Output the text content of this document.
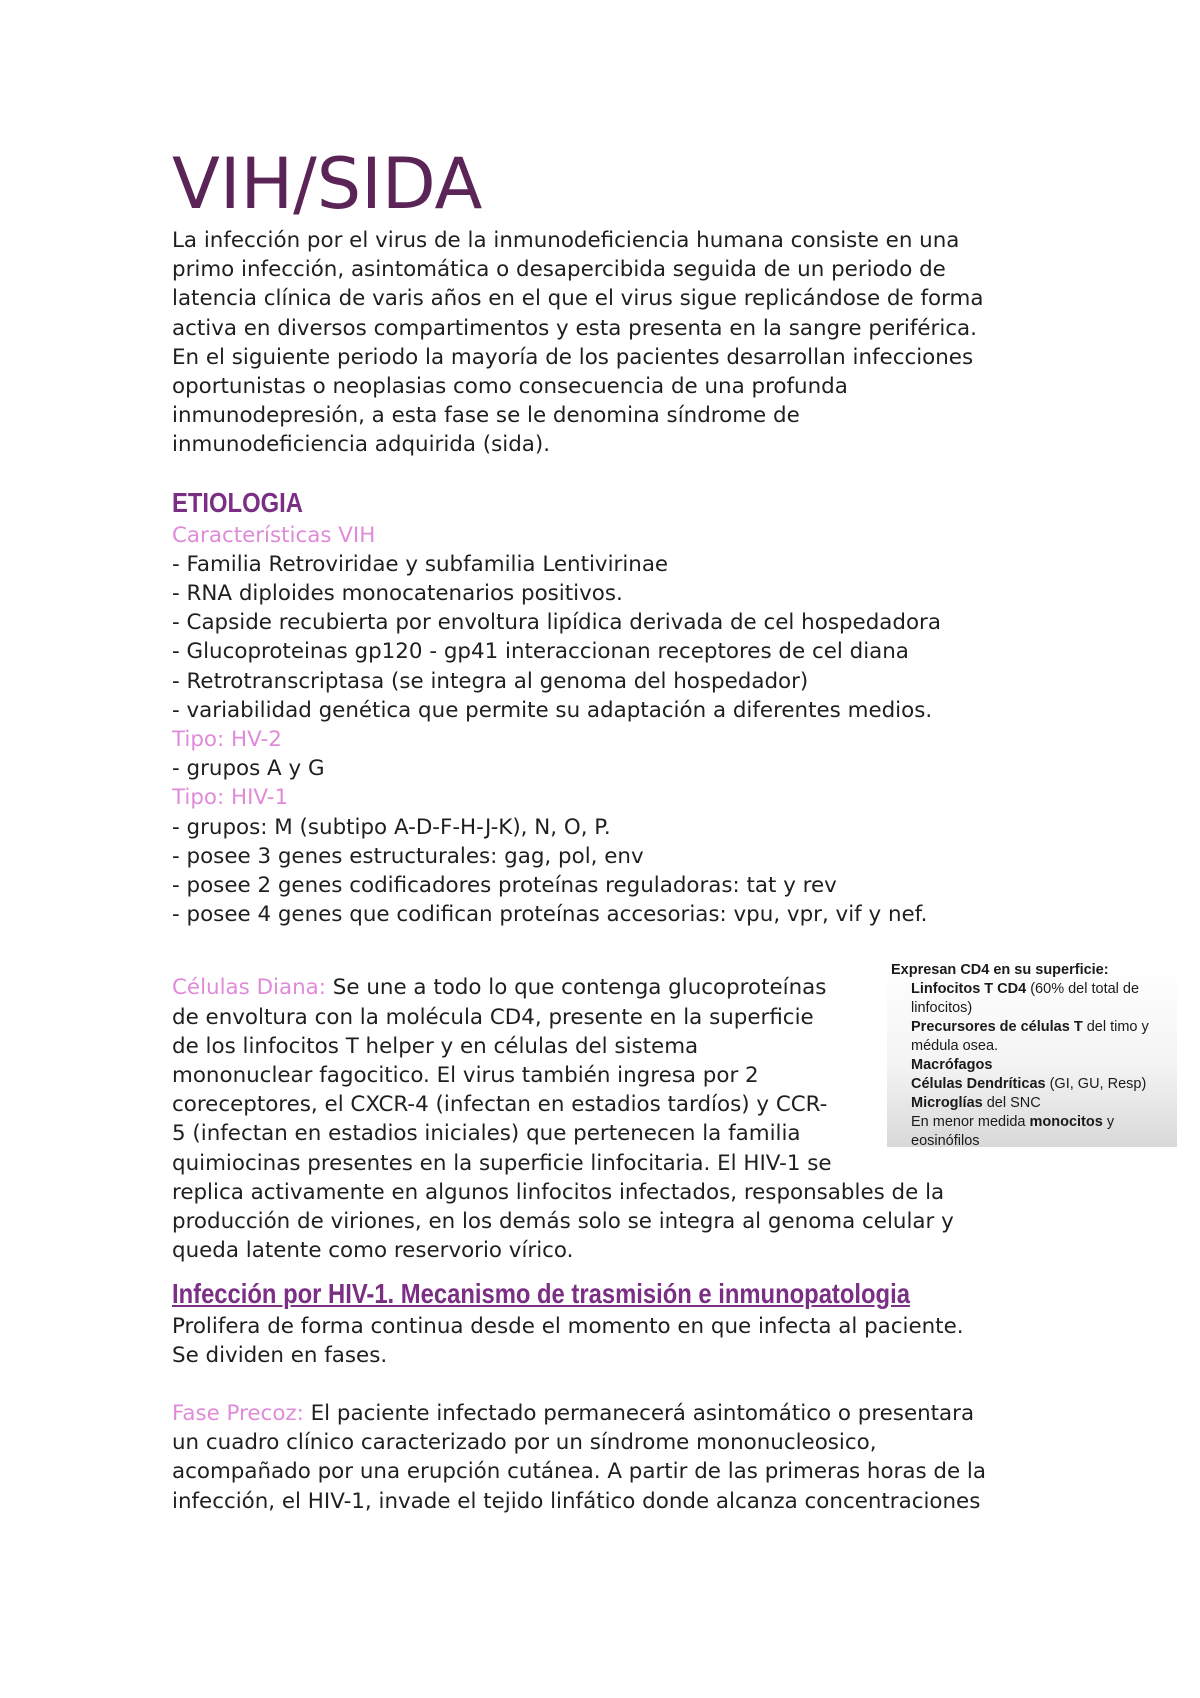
VIH/SIDA

La infección por el virus de la inmunodeficiencia humana consiste en una

primo infección, asintomática o desapercibida seguida de un periodo de

latencia clínica de varis años en el que el virus sigue replicándose de forma

activa en diversos compartimentos y esta presenta en la sangre periférica.

En el siguiente periodo la mayoría de los pacientes desarrollan infecciones

oportunistas o neoplasias como consecuencia de una profunda

inmunodepresión, a esta fase se le denomina síndrome de

inmunodeficiencia adquirida (sida).

ETIOLOGIA

Características VIH

- Familia Retroviridae y subfamilia Lentivirinae
- RNA diploides monocatenarios positivos.
- Capside recubierta por envoltura lipídica derivada de cel hospedadora
- Glucoproteinas gp120 - gp41 interaccionan receptores de cel diana
- Retrotranscriptasa (se integra al genoma del hospedador)
- variabilidad genética que permite su adaptación a diferentes medios.

Tipo: HV-2

- grupos A y G

Tipo: HIV-1

- grupos: M (subtipo A-D-F-H-J-K), N, O, P.
- posee 3 genes estructurales: gag, pol, env
- posee 2 genes codificadores proteínas reguladoras: tat y rev
- posee 4 genes que codifican proteínas accesorias: vpu, vpr, vif y nef.

Células Diana: Se une a todo lo que contenga glucoproteínas
de envoltura con la molécula CD4, presente en la superficie
de los linfocitos T helper y en células del sistema
mononuclear fagocitico. El virus también ingresa por 2
coreceptores, el CXCR-4 (infectan en estadios tardíos) y CCR-
5 (infectan en estadios iniciales) que pertenecen la familia
quimiocinas presentes en la superficie linfocitaria. El HIV-1 se
replica activamente en algunos linfocitos infectados, responsables de la
producción de viriones, en los demás solo se integra al genoma celular y
queda latente como reservorio vírico.

Expresan CD4 en su superficie:
Linfocitos T CD4 (60% del total de
linfocitos)
Precursores de células T del timo y
médula osea.
Macrófagos
Células Dendríticas (GI, GU, Resp)
Microglías del SNC
En menor medida monocitos y
eosinófilos
Infección por HIV-1. Mecanismo de trasmisión e inmunopatologia

Prolifera de forma continua desde el momento en que infecta al paciente.

Se dividen en fases.

Fase Precoz: El paciente infectado permanecerá asintomático o presentara
un cuadro clínico caracterizado por un síndrome mononucleosico,
acompañado por una erupción cutánea. A partir de las primeras horas de la
infección, el HIV-1, invade el tejido linfático donde alcanza concentraciones
